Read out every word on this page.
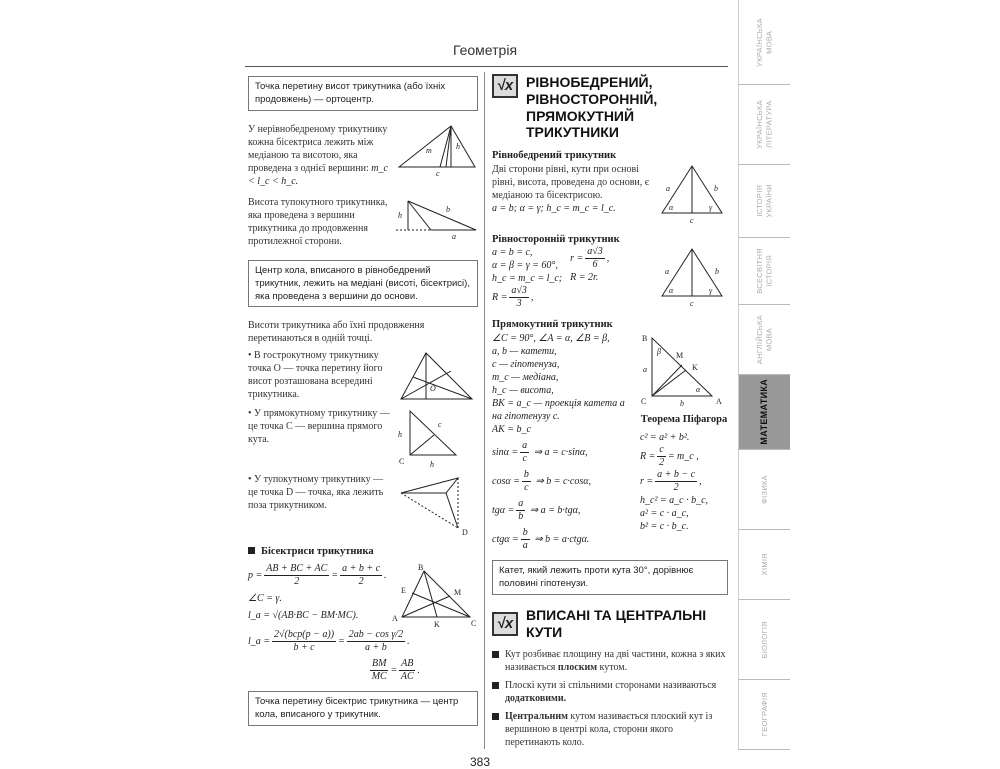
Геометрія
Точка перетину висот трикутника (або їхніх продовжень) — ортоцентр.
У нерівнобедреному трикутнику кожна бісектриса лежить між медіаною та висотою, яка проведена з однієї вершини: m_c < l_c < h_c.
m	h
c
Висота тупокутного трикутника, яка проведена з вершини трикутника до продовження протилежної сторони.
h
b
a
Центр кола, вписаного в рівнобедрений трикутник, лежить на медіані (висоті, бісектрисі), яка проведена з вершини до основи.
Висоти трикутника або їхні продовження перетинаються в одній точці.
• В гострокутному трикутнику точка O — точка перетину його висот розташована всередині трикутника.
O
• У прямокутному трикутнику — це точка C — вершина прямого кута.	h
c
C	h
• У тупокутному трикутнику — це точка D — точка, яка лежить поза трикутником.
D
Бісектриси трикутника
$p = \frac{AB + BC + AC}{2} = \frac{a + b + c}{2}$ .
∠C = γ.
l_a = √(AB·BC − BM·MC).
B
A
C
E	M
K
l_a = $\frac{\text{2√(bcp(p − a))}}{b + c} = \frac{\text{2ab − cos γ/2}}{a + b}$ .
$\frac{BM}{MC} = \frac{AB}{AC}$ .
Точка перетину бісектрис трикутника — центр кола, вписаного у трикутник.
√x РІВНОБЕДРЕНИЙ, РІВНОСТОРОННІЙ, ПРЯМОКУТНИЙ ТРИКУТНИКИ
Рівнобедрений трикутник
Дві сторони рівні, кути при основі рівні, висота, проведена до основи, є медіаною та бісектрисою.
a = b; α = γ; h_c = m_c = l_c.
a	b
α	γ
c
Рівносторонній трикутник
a = b = c,
α = β = γ = 60°,
h_c = m_c = l_c;
$r = \frac{a√3}{6}$ ,
R = 2r.
$R = \frac{a√3}{3}$ ,
a	b
α	γ
c
Прямокутний трикутник
∠C = 90°, ∠A = α, ∠B = β,
a, b — катети,
c — гіпотенуза,
m_c — медіана,
h_c — висота,
BK = a_c — проекція катета a на гіпотенузу c.
AK = b_c
$\sin\alpha = \frac{a}{c}$ ⇒ a = c·sinα,
$\cos\alpha = \frac{b}{c}$ ⇒ b = c·cosα,
$tg\alpha = \frac{a}{b}$ ⇒ a = b·tgα,
$ctg\alpha = \frac{b}{a}$ ⇒ b = a·ctgα.
B
C	A
a
b
M
K
β
α
Теорема Піфагора
c² = a² + b².
$R = \frac{c}{2}$ = m_c ,
$r = \frac{a + b - c}{2}$ ,
h_c² = a_c · b_c,
a² = c · a_c,
b² = c · b_c.
Катет, який лежить проти кута 30°, дорівнює половині гіпотенузи.
√x ВПИСАНІ ТА ЦЕНТРАЛЬНІ КУТИ
Кут розбиває площину на дві частини, кожна з яких називається плоским кутом.
Плоскі кути зі спільними сторонами називаються додатковими.
Центральним кутом називається плоский кут із вершиною в центрі кола, сторони якого перетинають коло.
383
УКРАЇНСЬКА
МОВА
УКРАЇНСЬКА
ЛІТЕРАТУРА
ІСТОРІЯ
УКРАЇНИ
ВСЕСВІТНЯ
ІСТОРІЯ
АНГЛІЙСЬКА
МОВА
МАТЕМАТИКА
ФІЗИКА
ХІМІЯ
БІОЛОГІЯ
ГЕОГРАФІЯ
